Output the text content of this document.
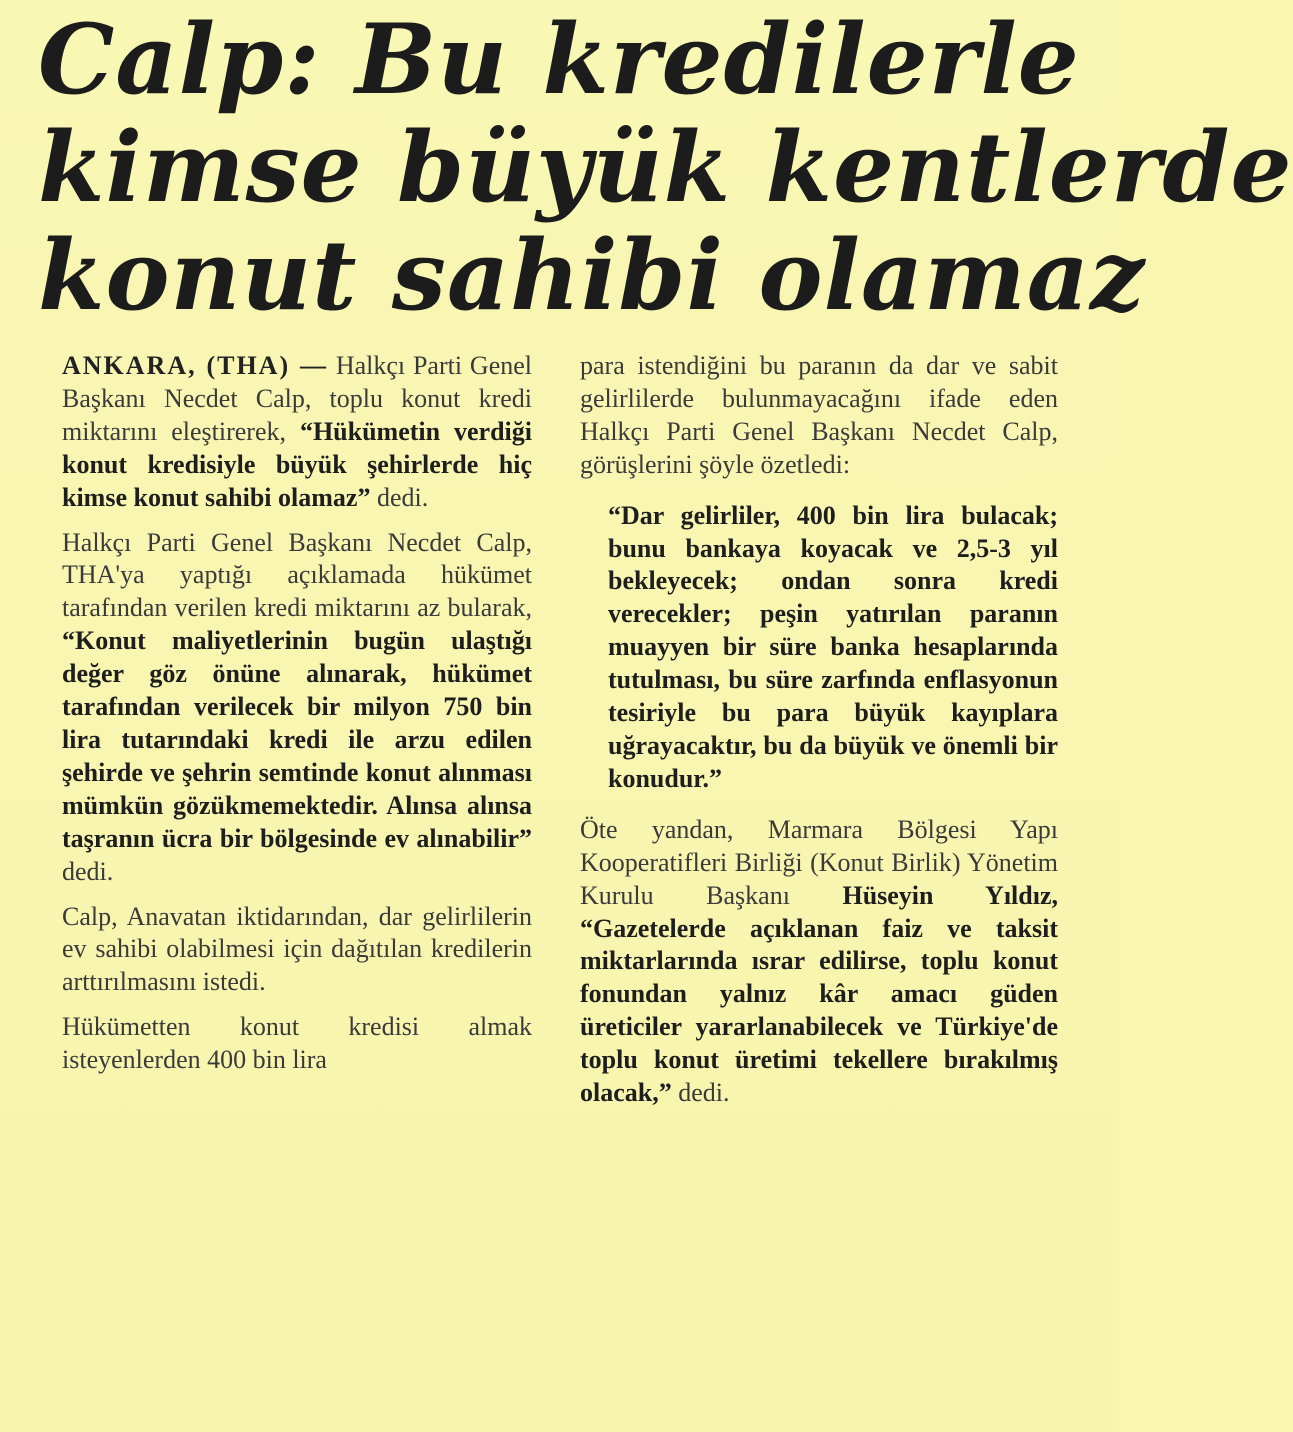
Calp: Bu kredilerle
kimse büyük kentlerde
konut sahibi olamaz

ANKARA, (THA) — Halkçı Parti Genel Başkanı Necdet Calp, toplu konut kredi miktarını eleştirerek, “Hükümetin verdiği konut kredisiyle büyük şehirlerde hiç kimse konut sahibi olamaz” dedi.

Halkçı Parti Genel Başkanı Necdet Calp, THA'ya yaptığı açıklamada hükümet tarafından verilen kredi miktarını az bularak, “Konut maliyetlerinin bugün ulaştığı değer göz önüne alınarak, hükümet tarafından verilecek bir milyon 750 bin lira tutarındaki kredi ile arzu edilen şehirde ve şehrin semtinde konut alınması mümkün gözükmemektedir. Alınsa alınsa taşranın ücra bir bölgesinde ev alınabilir” dedi.

Calp, Anavatan iktidarından, dar gelirlilerin ev sahibi olabilmesi için dağıtılan kredilerin arttırılmasını istedi.

Hükümetten konut kredisi almak isteyenlerden 400 bin lira

para istendiğini bu paranın da dar ve sabit gelirlilerde bulunmayacağını ifade eden Halkçı Parti Genel Başkanı Necdet Calp, görüşlerini şöyle özetledi:

“Dar gelirliler, 400 bin lira bulacak; bunu bankaya koyacak ve 2,5-3 yıl bekleyecek; ondan sonra kredi verecekler; peşin yatırılan paranın muayyen bir süre banka hesaplarında tutulması, bu süre zarfında enflasyonun tesiriyle bu para büyük kayıplara uğrayacaktır, bu da büyük ve önemli bir konudur.”

Öte yandan, Marmara Bölgesi Yapı Kooperatifleri Birliği (Konut Birlik) Yönetim Kurulu Başkanı Hüseyin Yıldız, “Gazetelerde açıklanan faiz ve taksit miktarlarında ısrar edilirse, toplu konut fonundan yalnız kâr amacı güden üreticiler yararlanabilecek ve Türkiye'de toplu konut üretimi tekellere bırakılmış olacak,” dedi.
